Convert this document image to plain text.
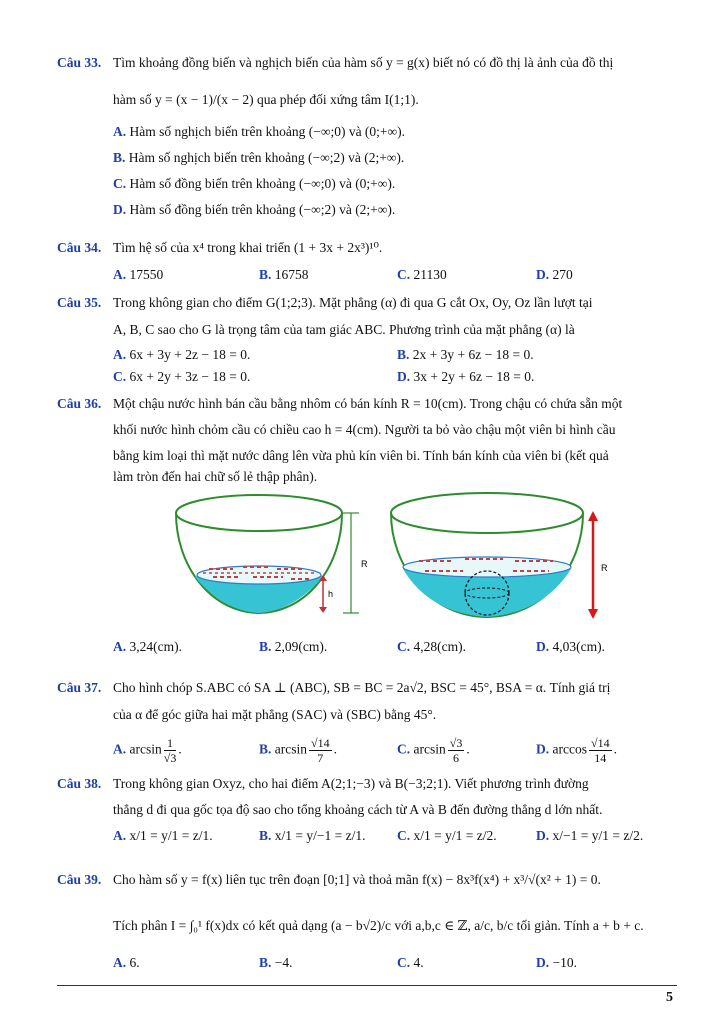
Câu 33. Tìm khoảng đồng biến và nghịch biến của hàm số y = g(x) biết nó có đồ thị là ảnh của đồ thị
hàm số y = (x − 1)/(x − 2) qua phép đối xứng tâm I(1;1).
A. Hàm số nghịch biến trên khoảng (−∞;0) và (0;+∞).
B. Hàm số nghịch biến trên khoảng (−∞;2) và (2;+∞).
C. Hàm số đồng biến trên khoảng (−∞;0) và (0;+∞).
D. Hàm số đồng biến trên khoảng (−∞;2) và (2;+∞).
Câu 34. Tìm hệ số của x⁴ trong khai triển (1 + 3x + 2x³)¹⁰.
A. 17550	B. 16758	C. 21130	D. 270
Câu 35. Trong không gian cho điểm G(1;2;3). Mặt phẳng (α) đi qua G cắt Ox, Oy, Oz lần lượt tại
A, B, C sao cho G là trọng tâm của tam giác ABC. Phương trình của mặt phẳng (α) là
A. 6x + 3y + 2z − 18 = 0.	B. 2x + 3y + 6z − 18 = 0.
C. 6x + 2y + 3z − 18 = 0.	D. 3x + 2y + 6z − 18 = 0.
Câu 36. Một chậu nước hình bán cầu bằng nhôm có bán kính R = 10(cm). Trong chậu có chứa sẵn một
khối nước hình chỏm cầu có chiều cao h = 4(cm). Người ta bỏ vào chậu một viên bi hình cầu
bằng kim loại thì mặt nước dâng lên vừa phủ kín viên bi. Tính bán kính của viên bi (kết quả
làm tròn đến hai chữ số lẻ thập phân).
R
h
R
A. 3,24(cm).	B. 2,09(cm).	C. 4,28(cm).	D. 4,03(cm).
Câu 37. Cho hình chóp S.ABC có SA ⊥ (ABC), SB = BC = 2a√2, BSC = 45°, BSA = α. Tính giá trị
của α để góc giữa hai mặt phẳng (SAC) và (SBC) bằng 45°.
A. $\arcsin \frac{1}{√3}$ .	B. $\arcsin \frac{√14}{7}$ .	C. $\arcsin \frac{√3}{6}$ .	D. $\arccos \frac{√14}{14}$ .
Câu 38. Trong không gian Oxyz, cho hai điểm A(2;1;−3) và B(−3;2;1). Viết phương trình đường
thẳng d đi qua gốc tọa độ sao cho tổng khoảng cách từ A và B đến đường thẳng d lớn nhất.
A. x/1 = y/1 = z/1.	B. x/1 = y/−1 = z/1. C. x/1 = y/1 = z/2.	D. x/−1 = y/1 = z/2.
Câu 39. Cho hàm số y = f(x) liên tục trên đoạn [0;1] và thoả mãn f(x) − 8x³f(x⁴) + x³/√(x² + 1) = 0.
Tích phân I = ∫₀¹ f(x)dx có kết quả dạng (a − b√2)/c với a,b,c ∈ ℤ, a/c, b/c tối giản. Tính a + b + c.
A. 6.	B. −4.	C. 4.	D. −10.
5
